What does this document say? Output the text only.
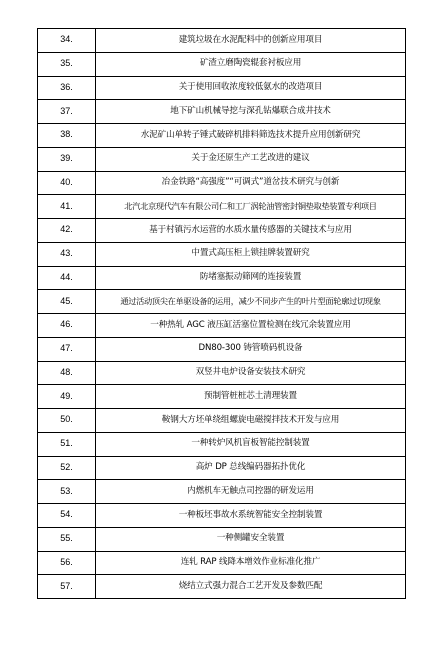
34.	建筑垃圾在水泥配料中的创新应用项目
35.	矿渣立磨陶瓷辊套衬板应用
36.	关于使用回收浓度较低氨水的改造项目
37.	地下矿山机械导挖与深孔钻爆联合成井技术
38.	水泥矿山单转子锤式破碎机排料筛选技术提升应用创新研究
39.	关于金还原生产工艺改进的建议
40.	冶金铁路“高强度”“可调式”道岔技术研究与创新
41.	北汽北京现代汽车有限公司仁和工厂涡轮油管密封铜垫取垫装置专利项目
42.	基于村镇污水运营的水质水量传感器的关键技术与应用
43.	中置式高压柜上锁挂牌装置研究
44.	防堵塞振动筛网的连接装置
45.	通过活动顶尖在单驱设备的运用，减少不同步产生的叶片型面轮廓过切现象
46.	一种热轧 AGC 液压缸活塞位置检测在线冗余装置应用
47.	DN80-300 铸管喷码机设备
48.	双竖井电炉设备安装技术研究
49.	预制管桩桩芯土清理装置
50.	鞍钢大方坯单绕组螺旋电磁搅拌技术开发与应用
51.	一种转炉风机盲板智能控制装置
52.	高炉 DP 总线编码器拓扑优化
53.	内燃机车无触点司控器的研发运用
54.	一种板坯事故水系统智能安全控制装置
55.	一种侧罐安全装置
56.	连轧 RAP 线降本增效作业标准化推广
57.	烧结立式强力混合工艺开发及参数匹配
